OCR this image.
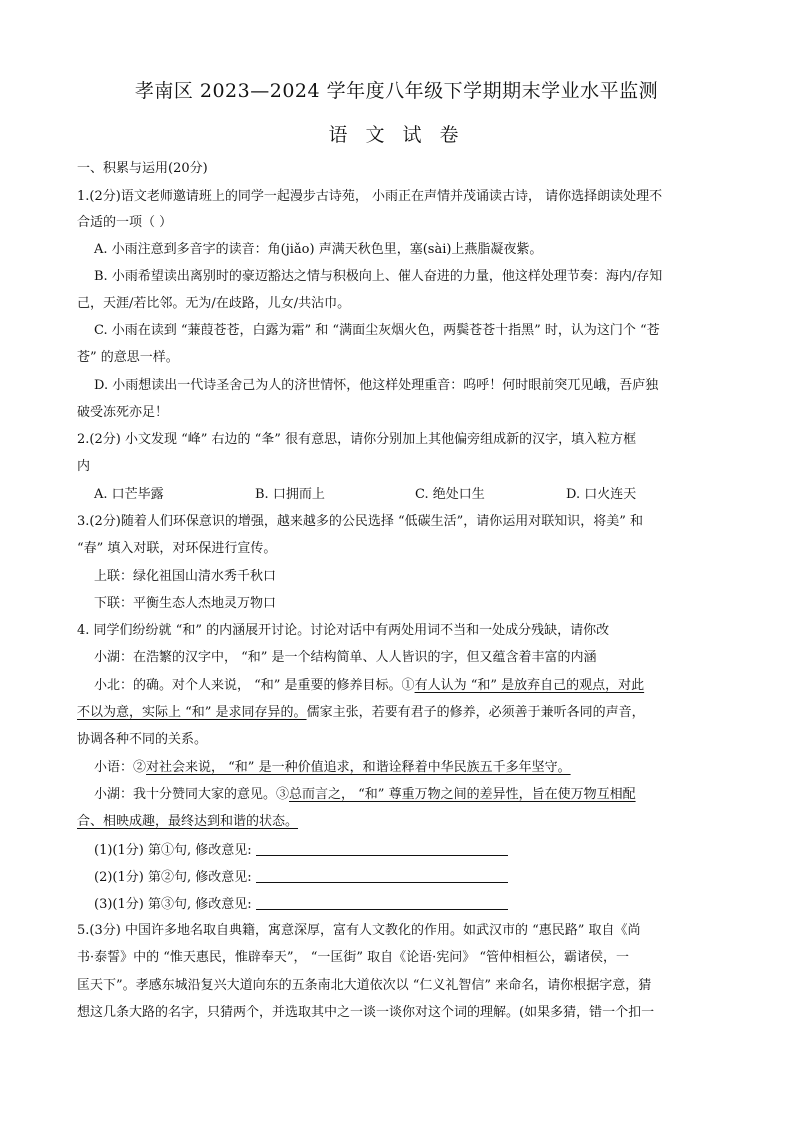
孝南区 2023—2024 学年度八年级下学期期末学业水平监测
语 文 试 卷
一、积累与运用(20分)
1.(2分)语文老师邀请班上的同学一起漫步古诗苑， 小雨正在声情并茂诵读古诗， 请你选择朗读处理不
合适的一项（ ）
A. 小雨注意到多音字的读音：角(jiǎo) 声满天秋色里，塞(sài)上燕脂凝夜紫。
B. 小雨希望读出离别时的豪迈豁达之情与积极向上、催人奋进的力量，他这样处理节奏：海内/存知
己，天涯/若比邻。无为/在歧路，儿女/共沾巾。
C. 小雨在读到 “蒹葭苍苍，白露为霜” 和 “满面尘灰烟火色，两鬓苍苍十指黑” 时，认为这门个 “苍
苍” 的意思一样。
D. 小雨想读出一代诗圣舍己为人的济世情怀，他这样处理重音：呜呼！何时眼前突兀见峨，吾庐独
破受冻死亦足！
2.(2分) 小文发现 “峰” 右边的 “夆” 很有意思，请你分别加上其他偏旁组成新的汉字，填入粒方框
内
A. 口芒毕露	B. 口拥而上	C. 绝处口生	D. 口火连天
3.(2分)随着人们环保意识的增强，越来越多的公民选择 “低碳生活”，请你运用对联知识，将美” 和
“春” 填入对联，对环保进行宣传。
上联：绿化祖国山清水秀千秋口
下联：平衡生态人杰地灵万物口
4. 同学们纷纷就 “和” 的内涵展开讨论。讨论对话中有两处用词不当和一处成分残缺，请你改
小湖：在浩繁的汉字中， “和” 是一个结构简单、人人皆识的字，但又蕴含着丰富的内涵
小北：的确。对个人来说， “和” 是重要的修养目标。①有人认为 “和” 是放弃自己的观点，对此
不以为意，实际上 “和” 是求同存异的。儒家主张，若要有君子的修养，必须善于兼听各同的声音，
协调各种不同的关系。
小语：②对社会来说， “和” 是一种价值追求，和谐诠释着中华民族五千多年坚守。
小湖：我十分赞同大家的意见。③总而言之， “和” 尊重万物之间的差异性，旨在使万物互相配
合、相映成趣，最终达到和谐的状态。
(1)(1分) 第①句, 修改意见:
(2)(1分) 第②句, 修改意见:
(3)(1分) 第③句, 修改意见:
5.(3分) 中国许多地名取自典籍，寓意深厚，富有人文教化的作用。如武汉市的 “惠民路” 取自《尚
书·泰誓》中的 “惟天惠民，惟辟奉天”， “一匡街” 取自《论语·宪问》 “管仲相桓公，霸诸侯，一
匡天下”。孝感东城沿复兴大道向东的五条南北大道依次以 “仁义礼智信” 来命名，请你根据字意，猜
想这几条大路的名字，只猜两个，并选取其中之一谈一谈你对这个词的理解。(如果多猜，错一个扣一
